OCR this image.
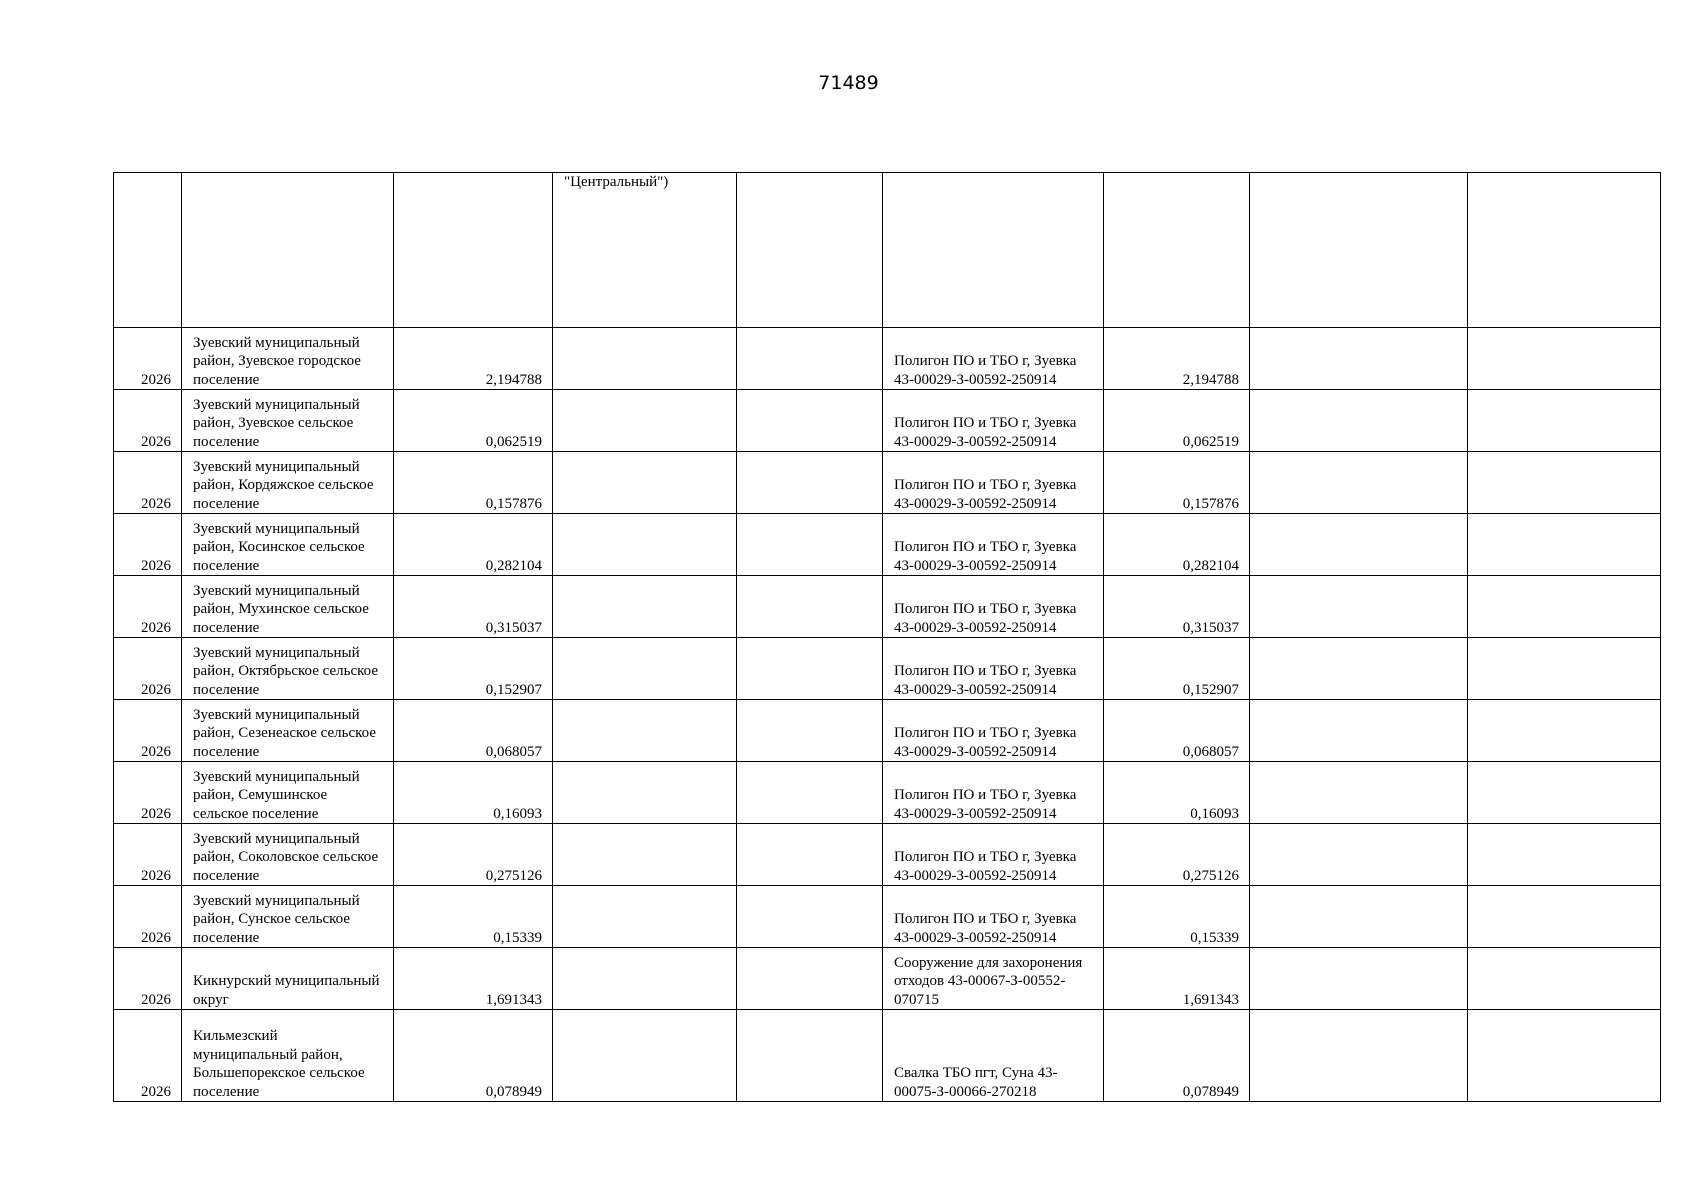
71489
			"Центральный")					
2026	Зуевский муниципальный район, Зуевское городское поселение	2,194788			Полигон ПО и ТБО г, Зуевка 43-00029-З-00592-250914	2,194788		
2026	Зуевский муниципальный район, Зуевское сельское поселение	0,062519			Полигон ПО и ТБО г, Зуевка 43-00029-З-00592-250914	0,062519		
2026	Зуевский муниципальный район, Кордяжское сельское поселение	0,157876			Полигон ПО и ТБО г, Зуевка 43-00029-З-00592-250914	0,157876		
2026	Зуевский муниципальный район, Косинское сельское поселение	0,282104			Полигон ПО и ТБО г, Зуевка 43-00029-З-00592-250914	0,282104		
2026	Зуевский муниципальный район, Мухинское сельское поселение	0,315037			Полигон ПО и ТБО г, Зуевка 43-00029-З-00592-250914	0,315037		
2026	Зуевский муниципальный район, Октябрьское сельское поселение	0,152907			Полигон ПО и ТБО г, Зуевка 43-00029-З-00592-250914	0,152907		
2026	Зуевский муниципальный район, Сезенеаское сельское поселение	0,068057			Полигон ПО и ТБО г, Зуевка 43-00029-З-00592-250914	0,068057		
2026	Зуевский муниципальный район, Семушинское сельское поселение	0,16093			Полигон ПО и ТБО г, Зуевка 43-00029-З-00592-250914	0,16093		
2026	Зуевский муниципальный район, Соколовское сельское поселение	0,275126			Полигон ПО и ТБО г, Зуевка 43-00029-З-00592-250914	0,275126		
2026	Зуевский муниципальный район, Сунское сельское поселение	0,15339			Полигон ПО и ТБО г, Зуевка 43-00029-З-00592-250914	0,15339		
2026	Кикнурский муниципальный округ	1,691343			Сооружение для захоронения отходов 43-00067-З-00552-070715	1,691343		
2026	Кильмезский муниципальный район, Большепорекское сельское поселение	0,078949			Свалка ТБО пгт, Суна 43-00075-З-00066-270218	0,078949		
